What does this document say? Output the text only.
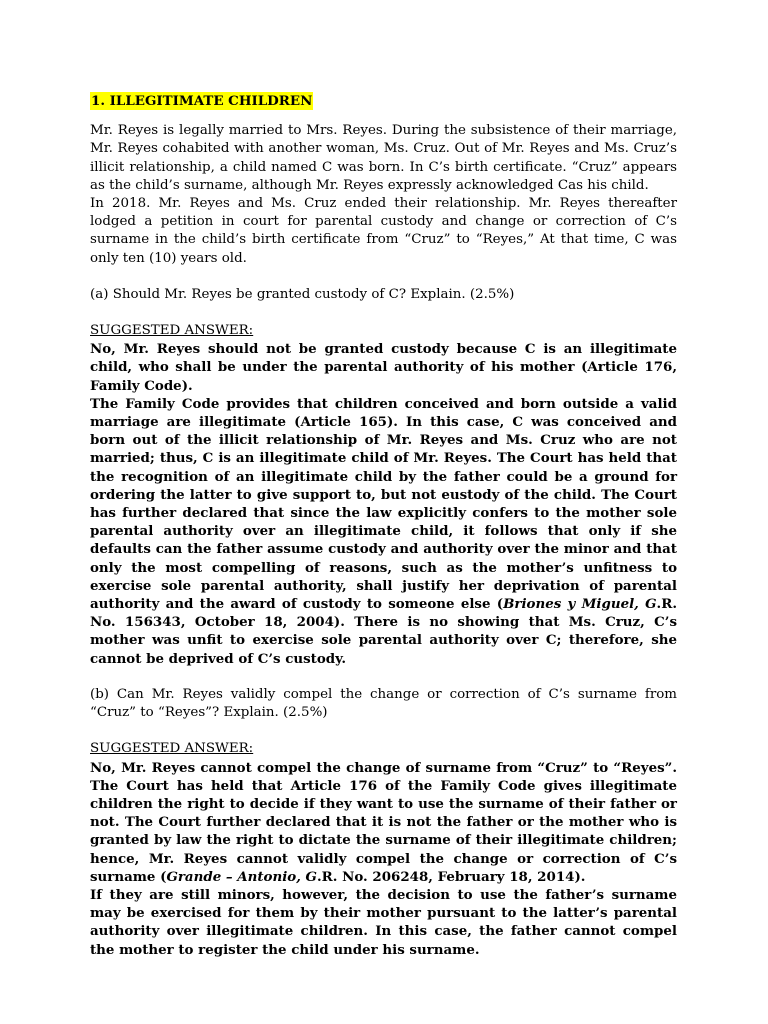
1. ILLEGITIMATE CHILDREN

Mr. Reyes is legally married to Mrs. Reyes. During the subsistence of their marriage, Mr. Reyes cohabited with another woman, Ms. Cruz. Out of Mr. Reyes and Ms. Cruz’s illicit relationship, a child named C was born. In C’s birth certificate. “Cruz” appears as the child’s surname, although Mr. Reyes expressly acknowledged Cas his child.

In 2018. Mr. Reyes and Ms. Cruz ended their relationship. Mr. Reyes thereafter lodged a petition in court for parental custody and change or correction of C’s surname in the child’s birth certificate from “Cruz” to “Reyes,” At that time, C was only ten (10) years old.

(a) Should Mr. Reyes be granted custody of C? Explain. (2.5%)

SUGGESTED ANSWER:

No, Mr. Reyes should not be granted custody because C is an illegitimate child, who shall be under the parental authority of his mother (Article 176, Family Code).

The Family Code provides that children conceived and born outside a valid marriage are illegitimate (Article 165). In this case, C was conceived and born out of the illicit relationship of Mr. Reyes and Ms. Cruz who are not married; thus, C is an illegitimate child of Mr. Reyes. The Court has held that the recognition of an illegitimate child by the father could be a ground for ordering the latter to give support to, but not eustody of the child. The Court has further declared that since the law explicitly confers to the mother sole parental authority over an illegitimate child, it follows that only if she defaults can the father assume custody and authority over the minor and that only the most compelling of reasons, such as the mother’s unfitness to exercise sole parental authority, shall justify her deprivation of parental authority and the award of custody to someone else (Briones y Miguel, G.R. No. 156343, October 18, 2004). There is no showing that Ms. Cruz, C’s mother was unfit to exercise sole parental authority over C; therefore, she cannot be deprived of C’s custody.

(b) Can Mr. Reyes validly compel the change or correction of C’s surname from “Cruz” to “Reyes”? Explain. (2.5%)

SUGGESTED ANSWER:

No, Mr. Reyes cannot compel the change of surname from “Cruz” to “Reyes”. The Court has held that Article 176 of the Family Code gives illegitimate children the right to decide if they want to use the surname of their father or not. The Court further declared that it is not the father or the mother who is granted by law the right to dictate the surname of their illegitimate children; hence, Mr. Reyes cannot validly compel the change or correction of C’s surname (Grande – Antonio, G.R. No. 206248, February 18, 2014).

If they are still minors, however, the decision to use the father’s surname may be exercised for them by their mother pursuant to the latter’s parental authority over illegitimate children. In this case, the father cannot compel the mother to register the child under his surname.
